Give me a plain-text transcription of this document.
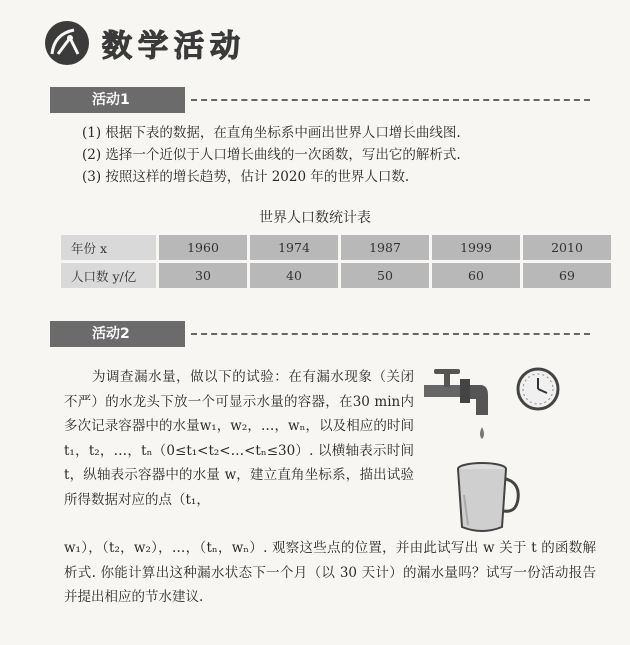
数学活动
活动1
(1) 根据下表的数据，在直角坐标系中画出世界人口增长曲线图.
(2) 选择一个近似于人口增长曲线的一次函数，写出它的解析式.
(3) 按照这样的增长趋势，估计 2020 年的世界人口数.
世界人口数统计表
年份 x	1960	1974	1987	1999	2010
人口数 y/亿	30	40	50	60	69
活动2
为调查漏水量，做以下的试验：在有漏水现象（关闭不严）的水龙头下放一个可显示水量的容器，在30 min内多次记录容器中的水量w₁，w₂，…，wₙ，以及相应的时间 t₁，t₂，…，tₙ（0≤t₁<t₂<…<tₙ≤30）. 以横轴表示时间 t，纵轴表示容器中的水量 w，建立直角坐标系，描出试验所得数据对应的点（t₁，
w₁），（t₂，w₂），…，（tₙ，wₙ）. 观察这些点的位置，并由此试写出 w 关于 t 的函数解析式. 你能计算出这种漏水状态下一个月（以 30 天计）的漏水量吗？试写一份活动报告并提出相应的节水建议.
